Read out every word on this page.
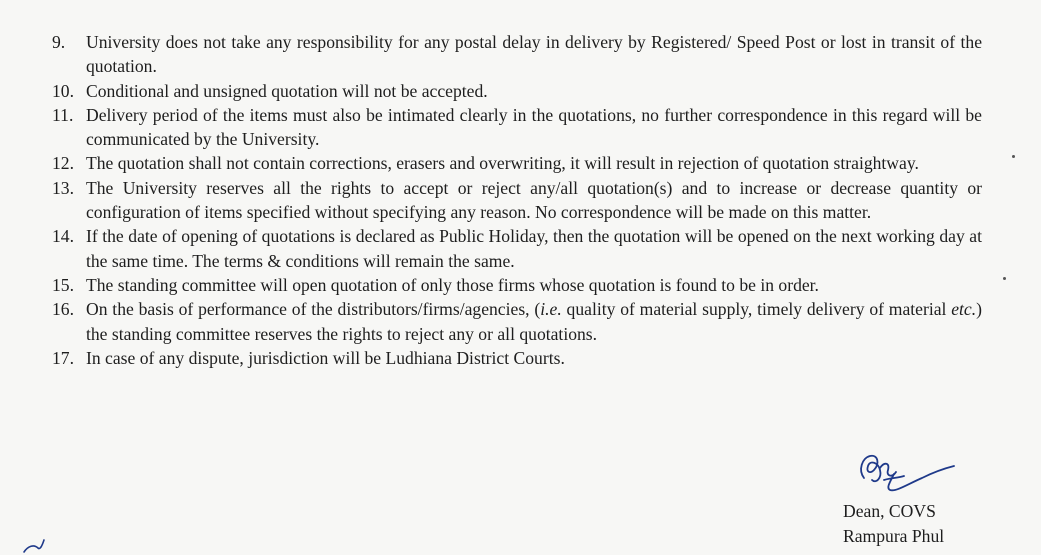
9.	University does not take any responsibility for any postal delay in delivery by Registered/ Speed Post or lost in transit of the quotation.
10. Conditional and unsigned quotation will not be accepted.
11. Delivery period of the items must also be intimated clearly in the quotations, no further correspondence in this regard will be communicated by the University.
12. The quotation shall not contain corrections, erasers and overwriting, it will result in rejection of quotation straightway.
13. The University reserves all the rights to accept or reject any/all quotation(s) and to increase or decrease quantity or configuration of items specified without specifying any reason. No correspondence will be made on this matter.
14. If the date of opening of quotations is declared as Public Holiday, then the quotation will be opened on the next working day at the same time. The terms & conditions will remain the same.
15. The standing committee will open quotation of only those firms whose quotation is found to be in order.
16. On the basis of performance of the distributors/firms/agencies, (i.e. quality of material supply, timely delivery of material etc.) the standing committee reserves the rights to reject any or all quotations.
17. In case of any dispute, jurisdiction will be Ludhiana District Courts.
Dean, COVS
Rampura Phul
